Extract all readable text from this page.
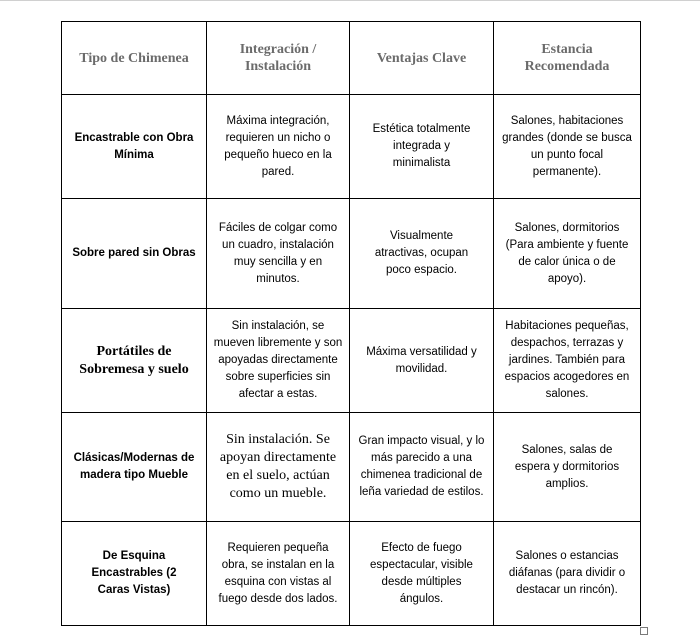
Tipo de Chimenea	Integración / Instalación	Ventajas Clave	Estancia Recomendada
Encastrable con Obra Mínima	Máxima integración, requieren un nicho o pequeño hueco en la pared.	Estética totalmente integrada y minimalista	Salones, habitaciones grandes (donde se busca un punto focal permanente).
Sobre pared sin Obras	Fáciles de colgar como un cuadro, instalación muy sencilla y en minutos.	Visualmente atractivas, ocupan poco espacio.	Salones, dormitorios (Para ambiente y fuente de calor única o de apoyo).
Portátiles de Sobremesa y suelo	Sin instalación, se mueven libremente y son apoyadas directamente sobre superficies sin afectar a estas.	Máxima versatilidad y movilidad.	Habitaciones pequeñas, despachos, terrazas y jardines. También para espacios acogedores en salones.
Clásicas/Modernas de madera tipo Mueble	Sin instalación. Se apoyan directamente en el suelo, actúan como un mueble.	Gran impacto visual, y lo más parecido a una chimenea tradicional de leña variedad de estilos.	Salones, salas de espera y dormitorios amplios.
De Esquina Encastrables (2 Caras Vistas)	Requieren pequeña obra, se instalan en la esquina con vistas al fuego desde dos lados.	Efecto de fuego espectacular, visible desde múltiples ángulos.	Salones o estancias diáfanas (para dividir o destacar un rincón).
